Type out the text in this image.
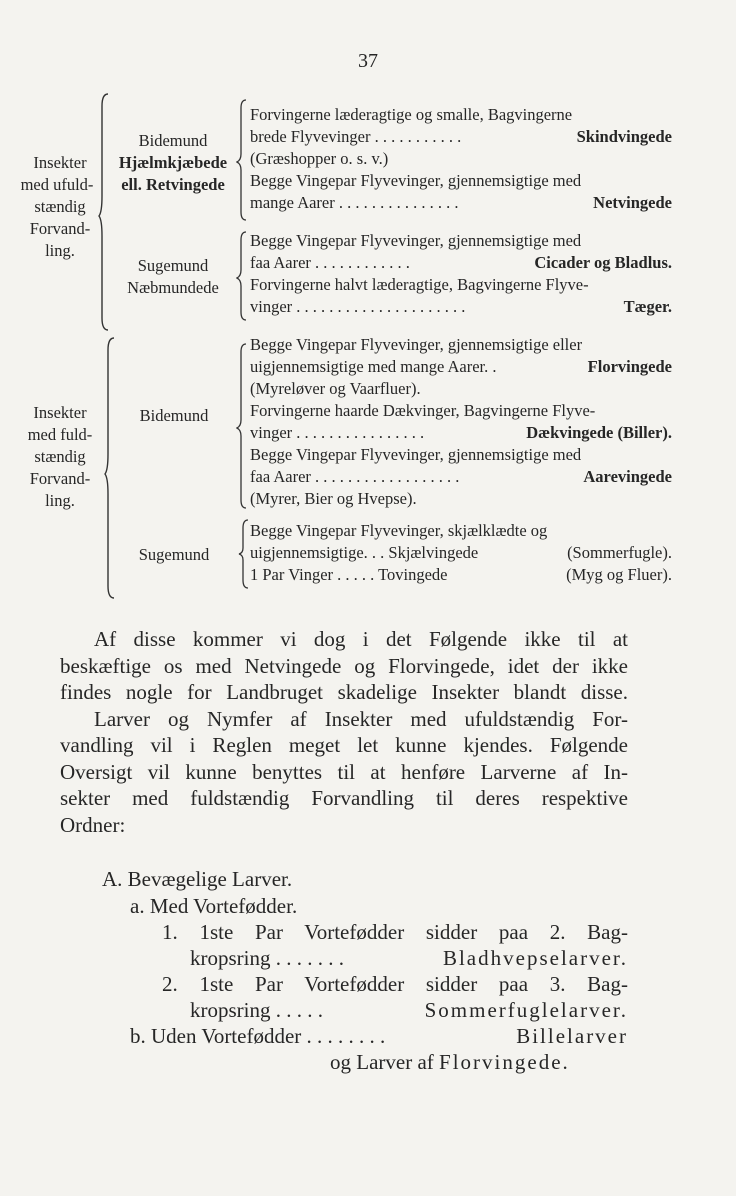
37
Insekter
med ufuld-
stændig
Forvand-
ling.
Bidemund
Hjælmkjæbede
ell. Retvingede
Forvingerne læderagtige og smalle, Bagvingerne
brede Flyvevinger . . . . . . . . . . .	Skindvingede
(Græshopper o. s. v.)
Begge Vingepar Flyvevinger, gjennemsigtige med
mange Aarer . . . . . . . . . . . . . . .	Netvingede
Sugemund
Næbmundede
Begge Vingepar Flyvevinger, gjennemsigtige med
faa Aarer . . . . . . . . . . . .	Cicader og Bladlus.
Forvingerne halvt læderagtige, Bagvingerne Flyve-
vinger . . . . . . . . . . . . . . . . . . . . .	Tæger.
Insekter
med fuld-
stændig
Forvand-
ling.
Bidemund
Begge Vingepar Flyvevinger, gjennemsigtige eller
uigjennemsigtige med mange Aarer. .	Florvingede
(Myreløver og Vaarfluer).
Forvingerne haarde Dækvinger, Bagvingerne Flyve-
vinger . . . . . . . . . . . . . . . .	Dækvingede (Biller).
Begge Vingepar Flyvevinger, gjennemsigtige med
faa Aarer . . . . . . . . . . . . . . . . . .	Aarevingede
(Myrer, Bier og Hvepse).
Sugemund
Begge Vingepar Flyvevinger, skjælklædte og
uigjennemsigtige. . . Skjælvingede	(Sommerfugle).
1 Par Vinger . . . . . Tovingede	(Myg og Fluer).
Af disse kommer vi dog i det Følgende ikke til at
beskæftige os med Netvingede og Florvingede, idet der ikke
findes nogle for Landbruget skadelige Insekter blandt disse.
Larver og Nymfer af Insekter med ufuldstændig For-
vandling vil i Reglen meget let kunne kjendes. Følgende
Oversigt vil kunne benyttes til at henføre Larverne af In-
sekter med fuldstændig Forvandling til deres respektive
Ordner:
A. Bevægelige Larver.
a. Med Vortefødder.
1. 1ste Par Vortefødder sidder paa 2. Bag-
kropsring . . . . . . .	Bladhvepselarver.
2. 1ste Par Vortefødder sidder paa 3. Bag-
kropsring . . . . .	Sommerfuglelarver.
b. Uden Vortefødder . . . . . . . .	Billelarver
og Larver af Florvingede.
